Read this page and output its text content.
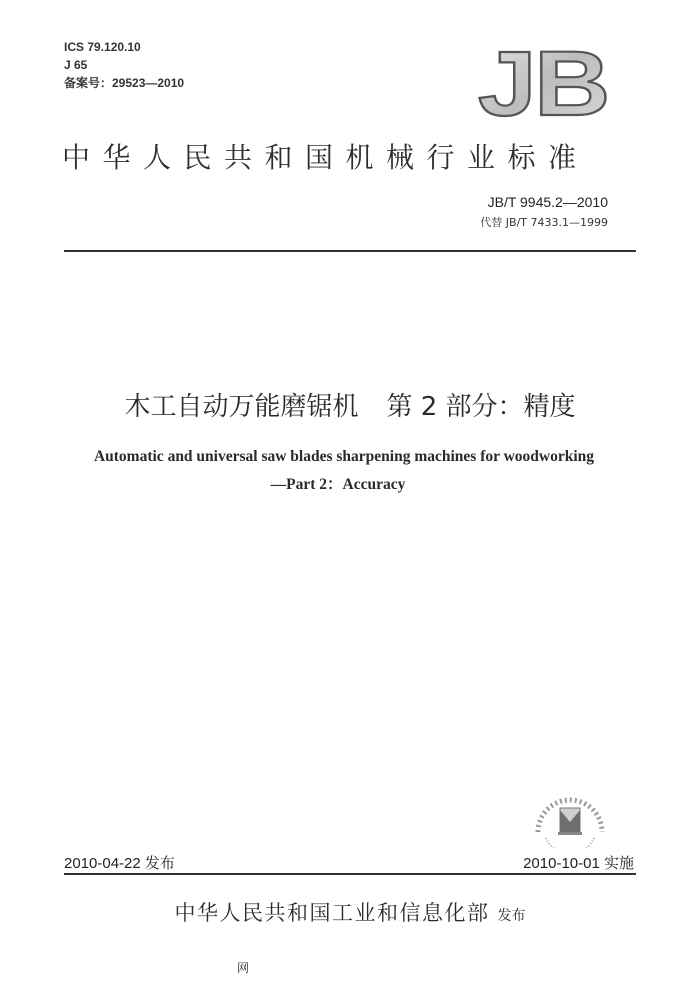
ICS 79.120.10
J 65
备案号：29523—2010	JB
中华人民共和国机械行业标准
JB/T 9945.2—2010
代替 JB/T 7433.1—1999
木工自动万能磨锯机 第 2 部分：精度
Automatic and universal saw blades sharpening machines for woodworking
—Part 2：Accuracy
2010-04-22 发布	2010-10-01 实施
中华人民共和国工业和信息化部 发布
网
